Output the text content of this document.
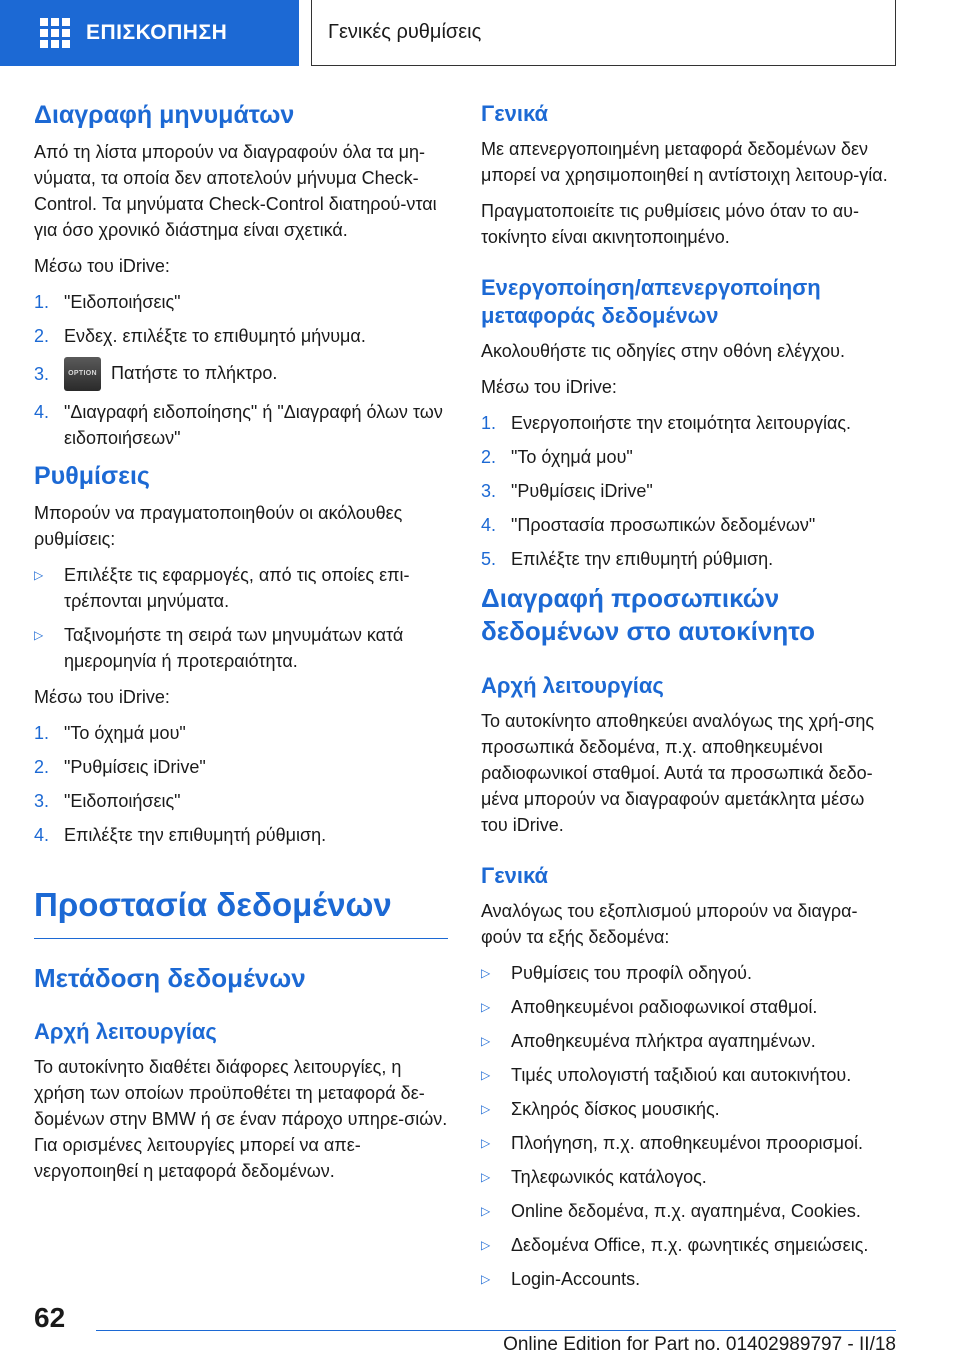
ΕΠΙΣΚΟΠΗΣΗ	Γενικές ρυθμίσεις
Διαγραφή μηνυμάτων

Από τη λίστα μπορούν να διαγραφούν όλα τα μη-νύματα, τα οποία δεν αποτελούν μήνυμα Check-Control. Τα μηνύματα Check-Control διατηρού-νται για όσο χρονικό διάστημα είναι σχετικά.

Μέσω του iDrive:

1. "Ειδοποιήσεις"
2. Ενδεχ. επιλέξτε το επιθυμητό μήνυμα.
3.	OPTION Πατήστε το πλήκτρο.
4. "Διαγραφή ειδοποίησης" ή "Διαγραφή όλων των ειδοποιήσεων"
Ρυθμίσεις

Μπορούν να πραγματοποιηθούν οι ακόλουθες ρυθμίσεις:

▷	Επιλέξτε τις εφαρμογές, από τις οποίες επι-τρέπονται μηνύματα.
▷	Ταξινομήστε τη σειρά των μηνυμάτων κατά ημερομηνία ή προτεραιότητα.

Μέσω του iDrive:

1. "Το όχημά μου"
2. "Ρυθμίσεις iDrive"
3. "Ειδοποιήσεις"
4. Επιλέξτε την επιθυμητή ρύθμιση.
Προστασία δεδομένων
Μετάδοση δεδομένων
Αρχή λειτουργίας

Το αυτοκίνητο διαθέτει διάφορες λειτουργίες, η χρήση των οποίων προϋποθέτει τη μεταφορά δε-δομένων στην BMW ή σε έναν πάροχο υπηρε-σιών. Για ορισμένες λειτουργίες μπορεί να απε-νεργοποιηθεί η μεταφορά δεδομένων.

Γενικά

Με απενεργοποιημένη μεταφορά δεδομένων δεν μπορεί να χρησιμοποιηθεί η αντίστοιχη λειτουρ-γία.

Πραγματοποιείτε τις ρυθμίσεις μόνο όταν το αυ-τοκίνητο είναι ακινητοποιημένο.

Ενεργοποίηση/απενεργοποίηση μεταφοράς δεδομένων

Ακολουθήστε τις οδηγίες στην οθόνη ελέγχου.

Μέσω του iDrive:

1. Ενεργοποιήστε την ετοιμότητα λειτουργίας.
2. "Το όχημά μου"
3. "Ρυθμίσεις iDrive"
4. "Προστασία προσωπικών δεδομένων"
5. Επιλέξτε την επιθυμητή ρύθμιση.
Διαγραφή προσωπικών δεδομένων στο αυτοκίνητο
Αρχή λειτουργίας

Το αυτοκίνητο αποθηκεύει αναλόγως της χρή-σης προσωπικά δεδομένα, π.χ. αποθηκευμένοι ραδιοφωνικοί σταθμοί. Αυτά τα προσωπικά δεδο-μένα μπορούν να διαγραφούν αμετάκλητα μέσω του iDrive.

Γενικά

Αναλόγως του εξοπλισμού μπορούν να διαγρα-φούν τα εξής δεδομένα:

▷	Ρυθμίσεις του προφίλ οδηγού.
▷	Αποθηκευμένοι ραδιοφωνικοί σταθμοί.
▷	Αποθηκευμένα πλήκτρα αγαπημένων.
▷	Τιμές υπολογιστή ταξιδιού και αυτοκινήτου.
▷	Σκληρός δίσκος μουσικής.
▷	Πλοήγηση, π.χ. αποθηκευμένοι προορισμοί.
▷	Τηλεφωνικός κατάλογος.
▷	Online δεδομένα, π.χ. αγαπημένα, Cookies.
▷	Δεδομένα Office, π.χ. φωνητικές σημειώσεις.
▷	Login-Accounts.
62
Online Edition for Part no. 01402989797 - II/18
